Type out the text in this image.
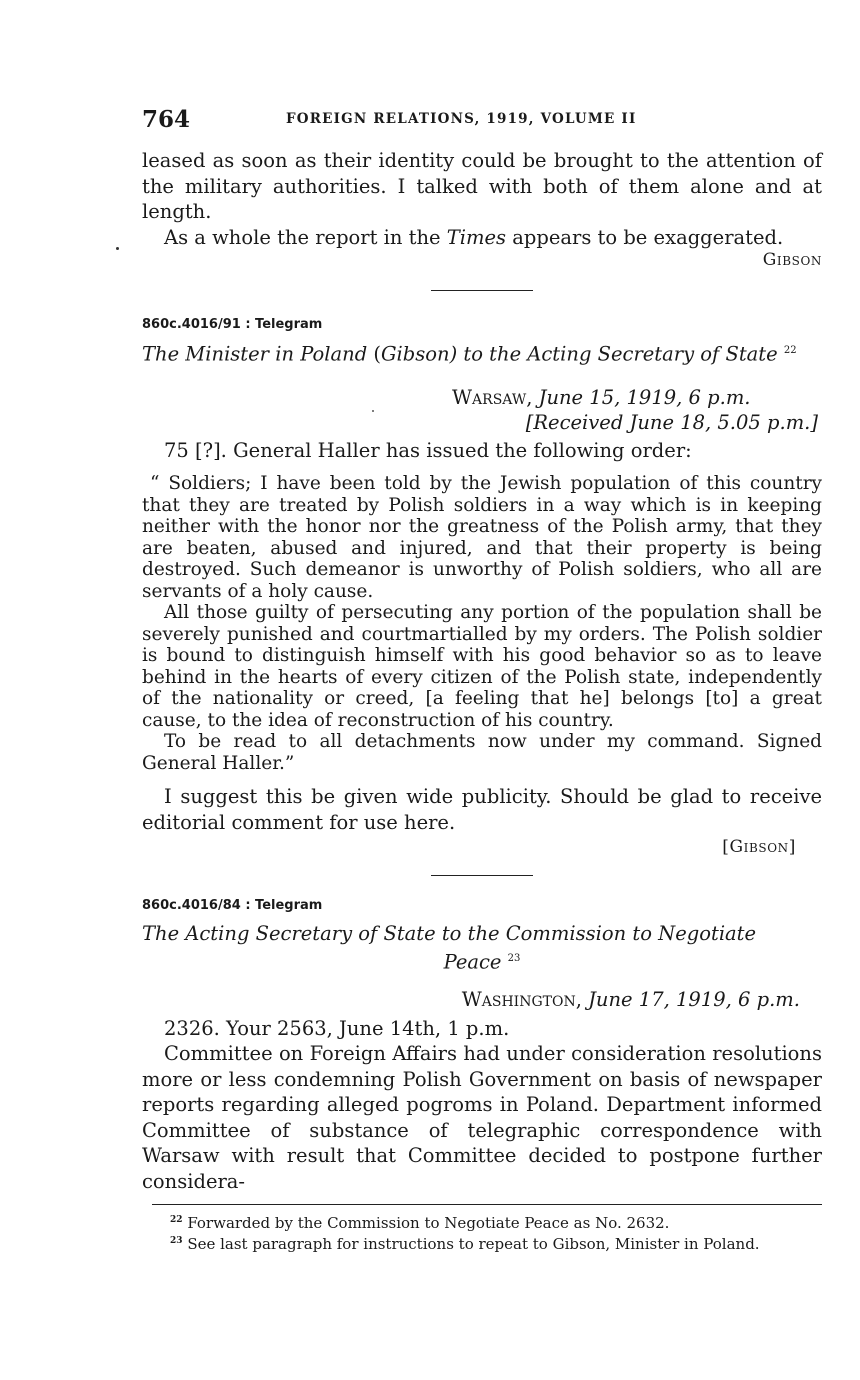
764	FOREIGN RELATIONS, 1919, VOLUME II

leased as soon as their identity could be brought to the attention of the military authorities. I talked with both of them alone and at length.

As a whole the report in the Times appears to be exaggerated.

Gibson

860c.4016/91 : Telegram

The Minister in Poland (Gibson) to the Acting Secretary of State $^{22}$

Warsaw, June 15, 1919, 6 p.m.

[Received June 18, 5.05 p.m.]

75 [?]. General Haller has issued the following order:

“ Soldiers; I have been told by the Jewish population of this country that they are treated by Polish soldiers in a way which is in keeping neither with the honor nor the greatness of the Polish army, that they are beaten, abused and injured, and that their property is being destroyed. Such demeanor is unworthy of Polish soldiers, who all are servants of a holy cause.

All those guilty of persecuting any portion of the population shall be severely punished and courtmartialled by my orders. The Polish soldier is bound to distinguish himself with his good behavior so as to leave behind in the hearts of every citizen of the Polish state, independently of the nationality or creed, [a feeling that he] belongs [to] a great cause, to the idea of reconstruction of his country.

To be read to all detachments now under my command. Signed General Haller.”

I suggest this be given wide publicity. Should be glad to receive editorial comment for use here.

[Gibson]

860c.4016/84 : Telegram

The Acting Secretary of State to the Commission to Negotiate

Peace $^{23}$

Washington, June 17, 1919, 6 p.m.

2326. Your 2563, June 14th, 1 p.m.

Committee on Foreign Affairs had under consideration resolutions more or less condemning Polish Government on basis of newspaper reports regarding alleged pogroms in Poland. Department informed Committee of substance of telegraphic correspondence with Warsaw with result that Committee decided to postpone further considera-

$^{22}$ Forwarded by the Commission to Negotiate Peace as No. 2632.

$^{23}$ See last paragraph for instructions to repeat to Gibson, Minister in Poland.
